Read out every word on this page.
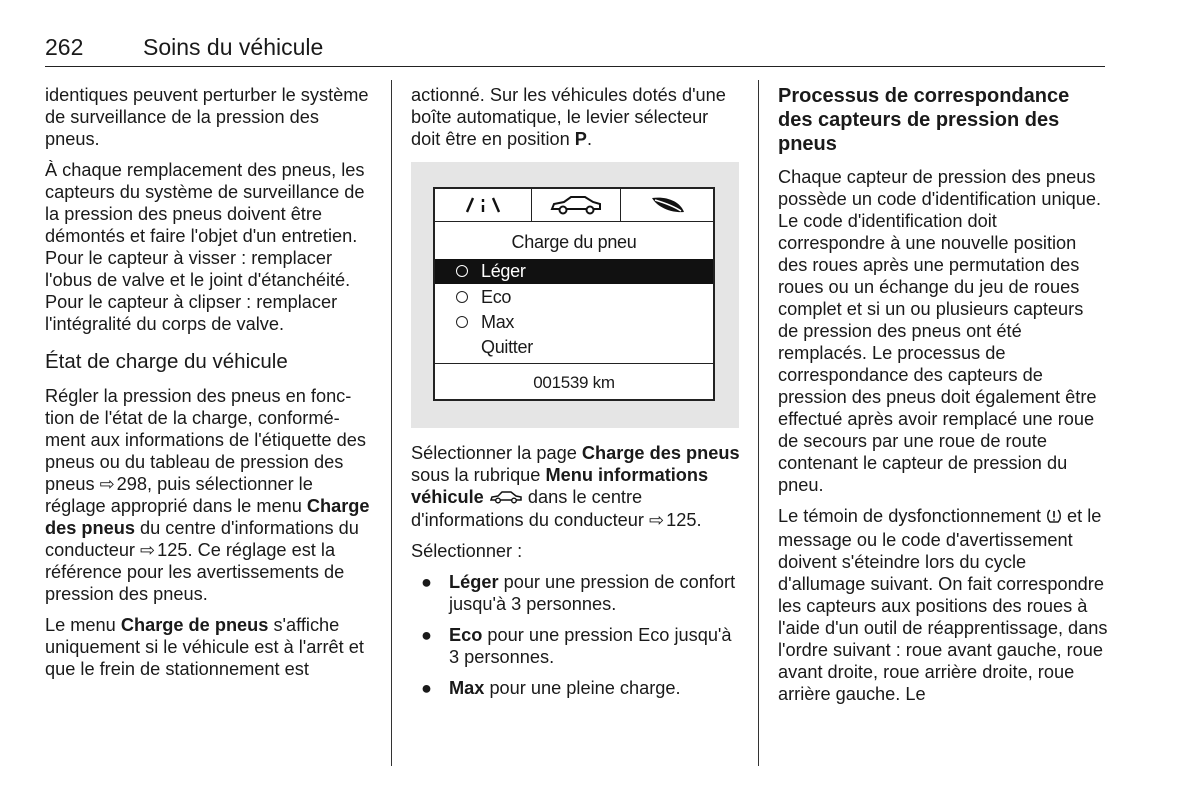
262	Soins du véhicule

identiques peuvent perturber le système de surveillance de la pression des pneus.

À chaque remplacement des pneus, les capteurs du système de surveillance de la pression des pneus doivent être démontés et faire l'objet d'un entretien. Pour le capteur à visser : remplacer l'obus de valve et le joint d'étanchéité. Pour le capteur à clipser : remplacer l'intégralité du corps de valve.

État de charge du véhicule

Régler la pression des pneus en fonction de l'état de la charge, conformément aux informations de l'étiquette des pneus ou du tableau de pression des pneus ⇨ 298, puis sélectionner le réglage approprié dans le menu Charge des pneus du centre d'informations du conducteur ⇨ 125. Ce réglage est la référence pour les avertissements de pression des pneus.

Le menu Charge de pneus s'affiche uniquement si le véhicule est à l'arrêt et que le frein de stationnement est

actionné. Sur les véhicules dotés d'une boîte automatique, le levier sélecteur doit être en position P.

Charge du pneu
Léger
Eco
Max
Quitter
001539 km

Sélectionner la page Charge des pneus sous la rubrique Menu informations véhicule  dans le centre d'informations du conducteur ⇨ 125.

Sélectionner :

● Léger pour une pression de confort jusqu'à 3 personnes.
● Eco pour une pression Eco jusqu'à 3 personnes.
● Max pour une pleine charge.
Processus de correspondance des capteurs de pression des pneus

Chaque capteur de pression des pneus possède un code d'identification unique. Le code d'identification doit correspondre à une nouvelle position des roues après une permutation des roues ou un échange du jeu de roues complet et si un ou plusieurs capteurs de pression des pneus ont été remplacés. Le processus de correspondance des capteurs de pression des pneus doit également être effectué après avoir remplacé une roue de secours par une roue de route contenant le capteur de pression du pneu.

Le témoin de dysfonctionnement  et le message ou le code d'avertissement doivent s'éteindre lors du cycle d'allumage suivant. On fait correspondre les capteurs aux positions des roues à l'aide d'un outil de réapprentissage, dans l'ordre suivant : roue avant gauche, roue avant droite, roue arrière droite, roue arrière gauche. Le
